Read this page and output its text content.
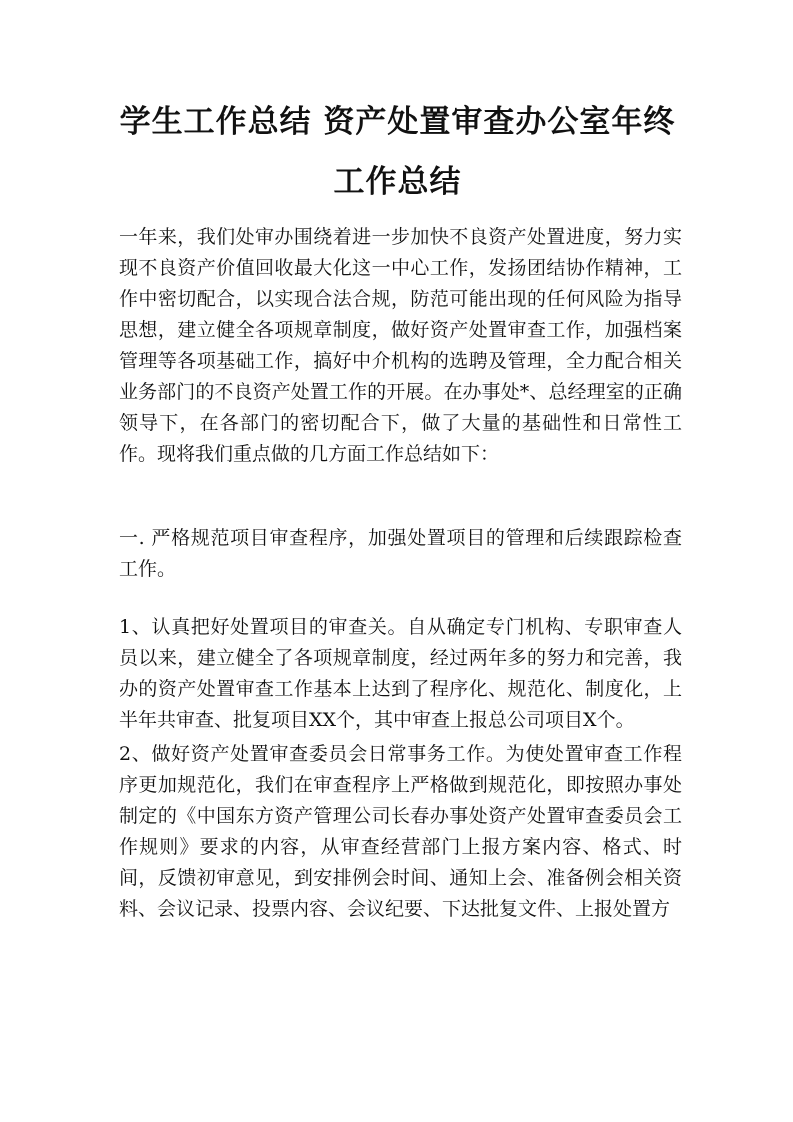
学生工作总结 资产处置审查办公室年终工作总结

一年来，我们处审办围绕着进一步加快不良资产处置进度，努力实现不良资产价值回收最大化这一中心工作，发扬团结协作精神，工作中密切配合，以实现合法合规，防范可能出现的任何风险为指导思想，建立健全各项规章制度，做好资产处置审查工作，加强档案管理等各项基础工作，搞好中介机构的选聘及管理，全力配合相关业务部门的不良资产处置工作的开展。在办事处*、总经理室的正确领导下，在各部门的密切配合下，做了大量的基础性和日常性工作。现将我们重点做的几方面工作总结如下：

一. 严格规范项目审查程序，加强处置项目的管理和后续跟踪检查工作。

1、认真把好处置项目的审查关。自从确定专门机构、专职审查人员以来，建立健全了各项规章制度，经过两年多的努力和完善，我办的资产处置审查工作基本上达到了程序化、规范化、制度化，上半年共审查、批复项目XX个，其中审查上报总公司项目X个。

2、做好资产处置审查委员会日常事务工作。为使处置审查工作程序更加规范化，我们在审查程序上严格做到规范化，即按照办事处制定的《中国东方资产管理公司长春办事处资产处置审查委员会工作规则》要求的内容，从审查经营部门上报方案内容、格式、时间，反馈初审意见，到安排例会时间、通知上会、准备例会相关资料、会议记录、投票内容、会议纪要、下达批复文件、上报处置方
